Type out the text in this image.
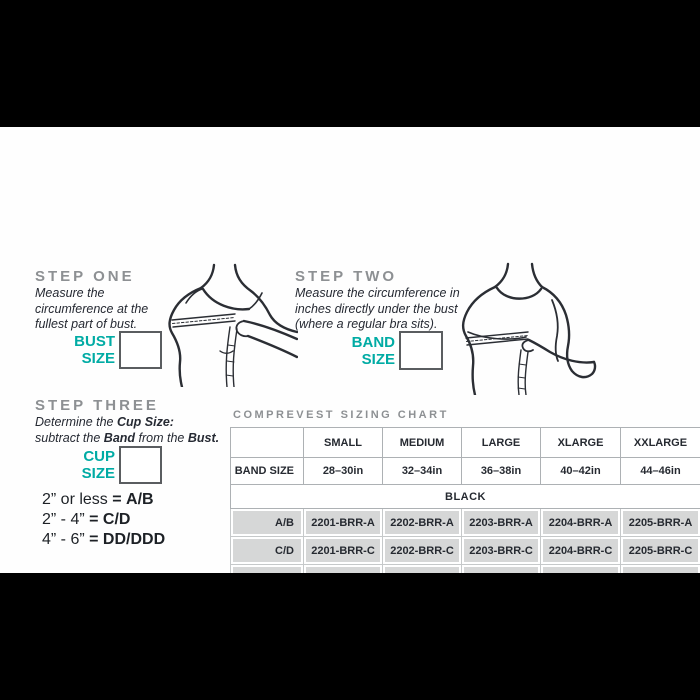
STEP ONE
Measure the
circumference at the
fullest part of bust.
BUST
SIZE
STEP TWO
Measure the circumference in
inches directly under the bust
(where a regular bra sits).
BAND
SIZE
STEP THREE
Determine the Cup Size:
subtract the Band from the Bust.
CUP
SIZE
2” or less = A/B
2” - 4” = C/D
4” - 6” = DD/DDD
COMPREVEST SIZING CHART
	SMALL	MEDIUM	LARGE	XLARGE	XXLARGE
BAND SIZE	28–30in	32–34in	36–38in	40–42in	44–46in
BLACK					
A/B	2201-BRR-A	2202-BRR-A	2203-BRR-A	2204-BRR-A	2205-BRR-A
C/D	2201-BRR-C	2202-BRR-C	2203-BRR-C	2204-BRR-C	2205-BRR-C
